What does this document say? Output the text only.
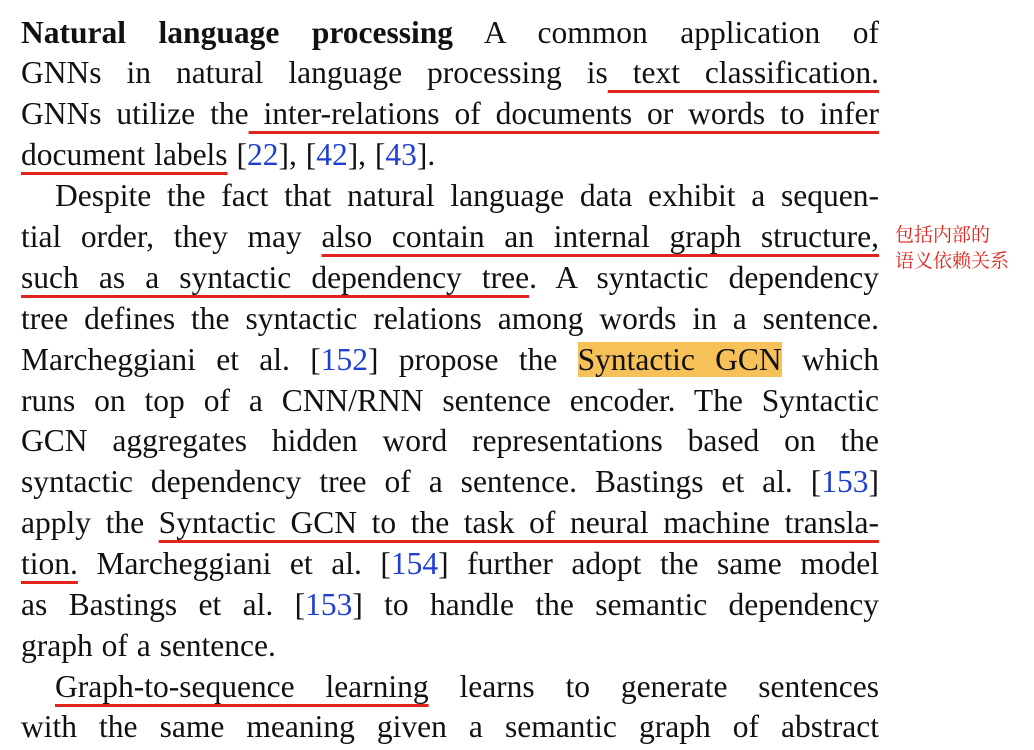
Natural language processing A common application of
GNNs in natural language processing is text classification.
GNNs utilize the inter-relations of documents or words to infer
document labels [22], [42], [43].
Despite the fact that natural language data exhibit a sequen-
tial order, they may also contain an internal graph structure,
such as a syntactic dependency tree. A syntactic dependency
tree defines the syntactic relations among words in a sentence.
Marcheggiani et al. [152] propose the Syntactic GCN which
runs on top of a CNN/RNN sentence encoder. The Syntactic
GCN aggregates hidden word representations based on the
syntactic dependency tree of a sentence. Bastings et al. [153]
apply the Syntactic GCN to the task of neural machine transla-
tion. Marcheggiani et al. [154] further adopt the same model
as Bastings et al. [153] to handle the semantic dependency
graph of a sentence.
Graph-to-sequence learning learns to generate sentences
with the same meaning given a semantic graph of abstract
包括内部的
语义依赖关系
